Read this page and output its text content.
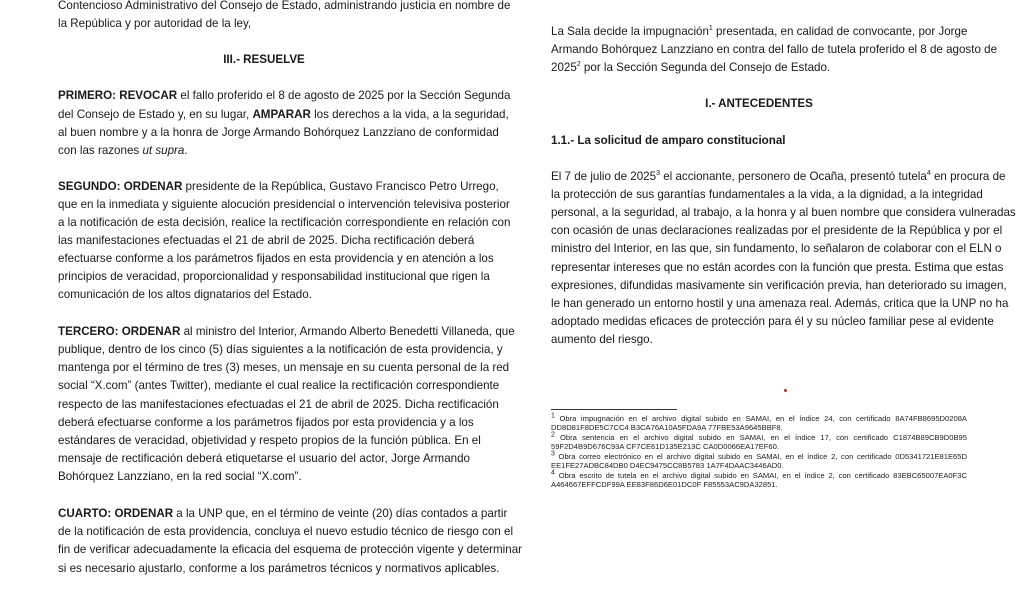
Contencioso Administrativo del Consejo de Estado, administrando justicia en nombre de
la República y por autoridad de la ley,
III.- RESUELVE
PRIMERO: REVOCAR el fallo proferido el 8 de agosto de 2025 por la Sección Segunda
del Consejo de Estado y, en su lugar, AMPARAR los derechos a la vida, a la seguridad,
al buen nombre y a la honra de Jorge Armando Bohórquez Lanzziano de conformidad
con las razones ut supra.
SEGUNDO: ORDENAR presidente de la República, Gustavo Francisco Petro Urrego,
que en la inmediata y siguiente alocución presidencial o intervención televisiva posterior
a la notificación de esta decisión, realice la rectificación correspondiente en relación con
las manifestaciones efectuadas el 21 de abril de 2025. Dicha rectificación deberá
efectuarse conforme a los parámetros fijados en esta providencia y en atención a los
principios de veracidad, proporcionalidad y responsabilidad institucional que rigen la
comunicación de los altos dignatarios del Estado.
TERCERO: ORDENAR al ministro del Interior, Armando Alberto Benedetti Villaneda, que
publique, dentro de los cinco (5) días siguientes a la notificación de esta providencia, y
mantenga por el término de tres (3) meses, un mensaje en su cuenta personal de la red
social “X.com” (antes Twitter), mediante el cual realice la rectificación correspondiente
respecto de las manifestaciones efectuadas el 21 de abril de 2025. Dicha rectificación
deberá efectuarse conforme a los parámetros fijados por esta providencia y a los
estándares de veracidad, objetividad y respeto propios de la función pública. En el
mensaje de rectificación deberá etiquetarse el usuario del actor, Jorge Armando
Bohórquez Lanzziano, en la red social “X.com”.
CUARTO: ORDENAR a la UNP que, en el término de veinte (20) días contados a partir
de la notificación de esta providencia, concluya el nuevo estudio técnico de riesgo con el
fin de verificar adecuadamente la eficacia del esquema de protección vigente y determinar
si es necesario ajustarlo, conforme a los parámetros técnicos y normativos aplicables.
La Sala decide la impugnación$^1$ presentada, en calidad de convocante, por Jorge
Armando Bohórquez Lanzziano en contra del fallo de tutela proferido el 8 de agosto de
2025$^2$ por la Sección Segunda del Consejo de Estado.
I.- ANTECEDENTES
1.1.- La solicitud de amparo constitucional
El 7 de julio de 2025$^3$ el accionante, personero de Ocaña, presentó tutela$^4$ en procura de
la protección de sus garantías fundamentales a la vida, a la dignidad, a la integridad
personal, a la seguridad, al trabajo, a la honra y al buen nombre que considera vulneradas
con ocasión de unas declaraciones realizadas por el presidente de la República y por el
ministro del Interior, en las que, sin fundamento, lo señalaron de colaborar con el ELN o
representar intereses que no están acordes con la función que presta. Estima que estas
expresiones, difundidas masivamente sin verificación previa, han deteriorado su imagen,
le han generado un entorno hostil y una amenaza real. Además, critica que la UNP no ha
adoptado medidas eficaces de protección para él y su núcleo familiar pese al evidente
aumento del riesgo.
$^1$ Obra impugnación en el archivo digital subido en SAMAI, en el índice 24, con certificado 8A74FB8695D0208A
DD8D81F8DE5C7CC4 B3CA76A10A5FDA9A 77FBE53A9645BBF8.
$^2$ Obra sentencia en el archivo digital subido en SAMAI, en el índice 17, con certificado C1874B89CB9D0B95
59F2D4B9D676C93A CF7CE61D135E213C CA0D0066EA17EF60.
$^3$ Obra correo electrónico en el archivo digital subido en SAMAI, en el índice 2, con certificado 0D5341721E81E65D
EE1FE27ADBC84DB0 D4EC9475CC8B5783 1A7F4DAAC3446AD0.
$^4$ Obra escrito de tutela en el archivo digital subido en SAMAI, en el índice 2, con certificado 83EBC65007EA0F3C
A464667EFFCDF99A EE83F86D6E01DC0F F85553AC9DA32851.
